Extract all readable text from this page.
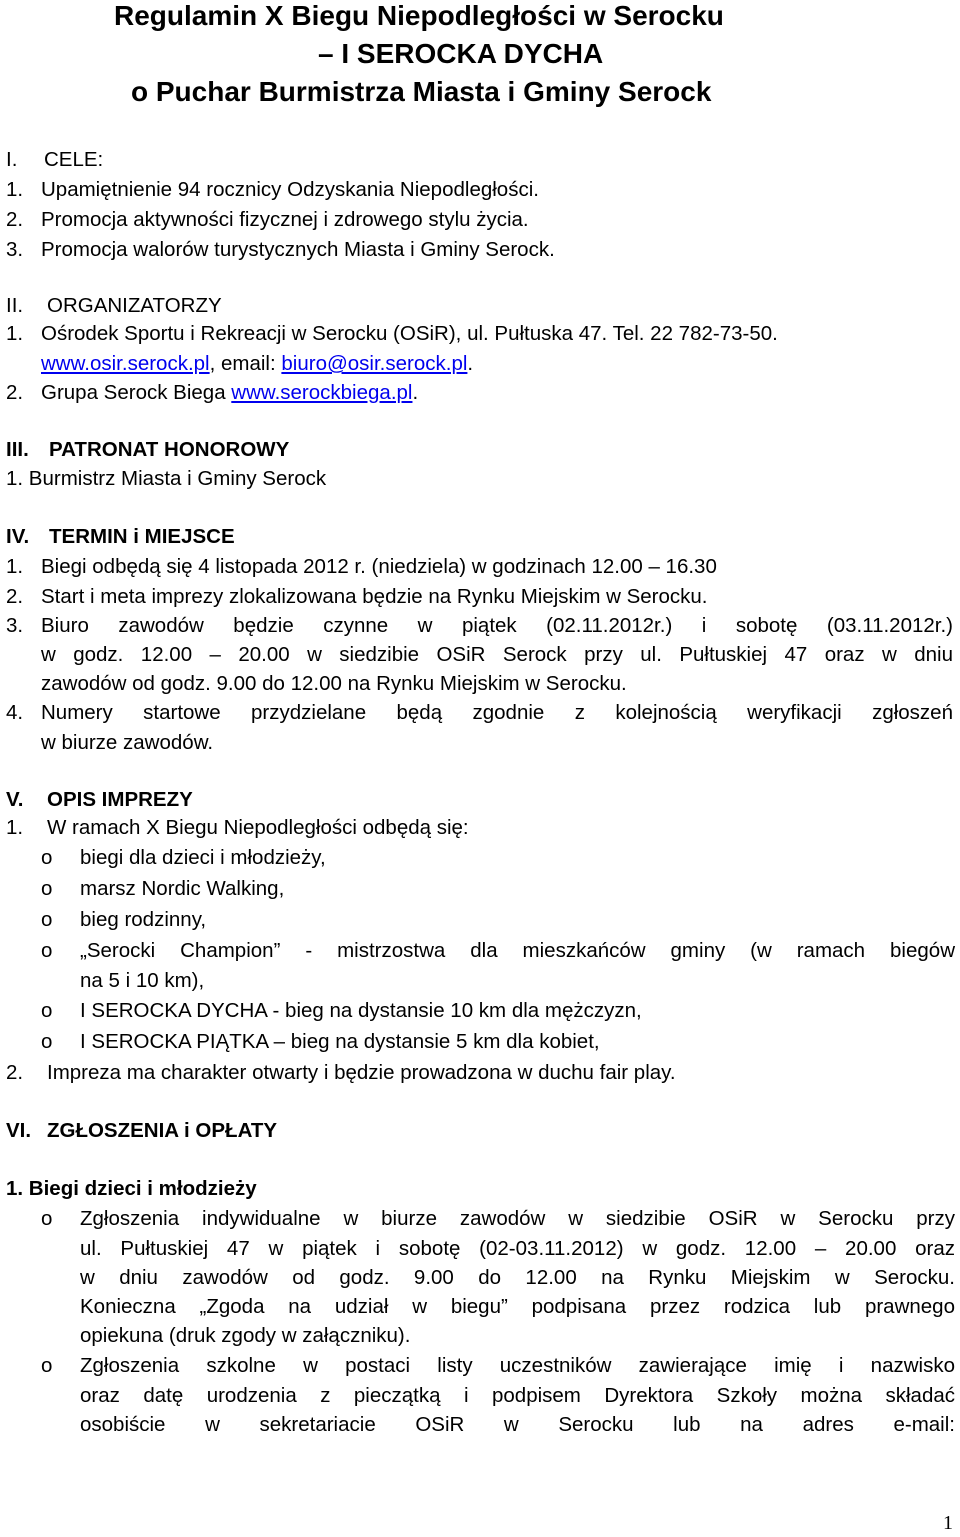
Regulamin X Biegu Niepodległości w Serocku
– I SEROCKA DYCHA
o Puchar Burmistrza Miasta i Gminy Serock
I. CELE:
1. Upamiętnienie 94 rocznicy Odzyskania Niepodległości.
2. Promocja aktywności fizycznej i zdrowego stylu życia.
3. Promocja walorów turystycznych Miasta i Gminy Serock.
II. ORGANIZATORZY
1. Ośrodek Sportu i Rekreacji w Serocku (OSiR), ul. Pułtuska 47. Tel. 22 782-73-50.
www.osir.serock.pl, email: biuro@osir.serock.pl.
2. Grupa Serock Biega www.serockbiega.pl.
III. PATRONAT HONOROWY
1. Burmistrz Miasta i Gminy Serock
IV. TERMIN i MIEJSCE
1. Biegi odbędą się 4 listopada 2012 r. (niedziela) w godzinach 12.00 – 16.30
2. Start i meta imprezy zlokalizowana będzie na Rynku Miejskim w Serocku.
3. Biuro zawodów będzie czynne w piątek (02.11.2012r.) i sobotę (03.11.2012r.)
w godz. 12.00 – 20.00 w siedzibie OSiR Serock przy ul. Pułtuskiej 47 oraz w dniu
zawodów od godz. 9.00 do 12.00 na Rynku Miejskim w Serocku.
4. Numery startowe przydzielane będą zgodnie z kolejnością weryfikacji zgłoszeń
w biurze zawodów.
V. OPIS IMPREZY
1. W ramach X Biegu Niepodległości odbędą się:
o biegi dla dzieci i młodzieży,
o marsz Nordic Walking,
o bieg rodzinny,
o „Serocki Champion” - mistrzostwa dla mieszkańców gminy (w ramach biegów
na 5 i 10 km),
o I SEROCKA DYCHA - bieg na dystansie 10 km dla mężczyzn,
o I SEROCKA PIĄTKA – bieg na dystansie 5 km dla kobiet,
2. Impreza ma charakter otwarty i będzie prowadzona w duchu fair play.
VI. ZGŁOSZENIA i OPŁATY
1. Biegi dzieci i młodzieży
o Zgłoszenia indywidualne w biurze zawodów w siedzibie OSiR w Serocku przy
ul. Pułtuskiej 47 w piątek i sobotę (02-03.11.2012) w godz. 12.00 – 20.00 oraz
w dniu zawodów od godz. 9.00 do 12.00 na Rynku Miejskim w Serocku.
Konieczna „Zgoda na udział w biegu” podpisana przez rodzica lub prawnego
opiekuna (druk zgody w załączniku).
o Zgłoszenia szkolne w postaci listy uczestników zawierające imię i nazwisko
oraz datę urodzenia z pieczątką i podpisem Dyrektora Szkoły można składać
osobiście w sekretariacie OSiR w Serocku lub na adres e-mail:
1
